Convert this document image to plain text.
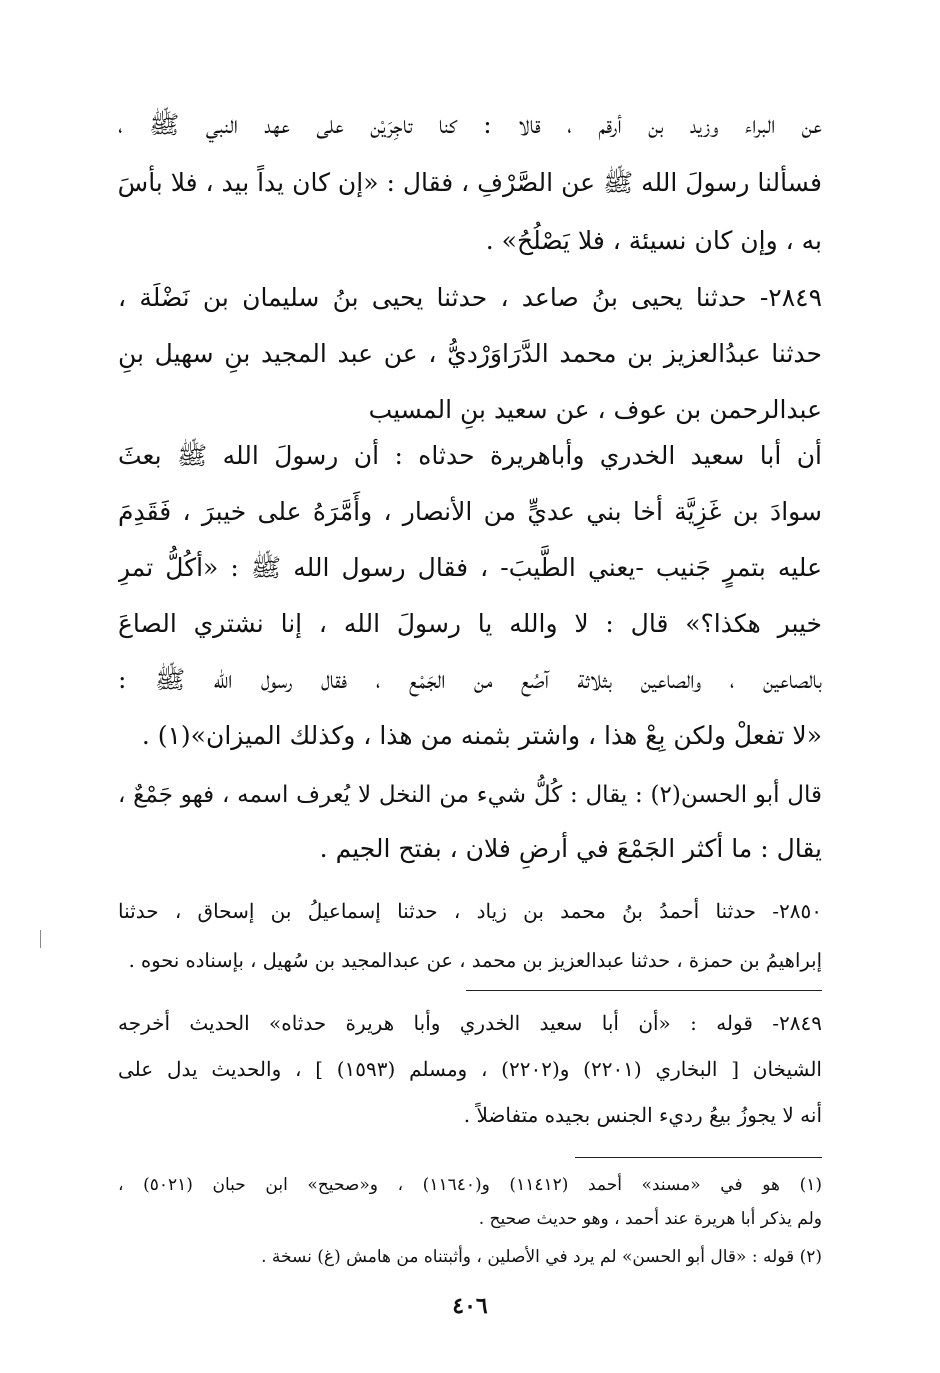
عن البراء وزيد بن أرقم ، قالا : كنا تاجِرَيْن على عهد النبي ﷺ ،
فسألنا رسولَ الله ﷺ عن الصَّرْفِ ، فقال : «إن كان يداً بيد ، فلا بأسَ
به ، وإن كان نسيئة ، فلا يَصْلُحُ» .
٢٨٤٩- حدثنا يحيى بنُ صاعد ، حدثنا يحيى بنُ سليمان بن نَضْلَة ،
حدثنا عبدُالعزيز بن محمد الدَّرَاوَرْديُّ ، عن عبد المجيد بنِ سهيل بنِ
عبدالرحمن بن عوف ، عن سعيد بنِ المسيب
أن أبا سعيد الخدري وأباهريرة حدثاه : أن رسولَ الله ﷺ بعثَ
سوادَ بن غَزِيَّة أخا بني عديٍّ من الأنصار ، وأَمَّرَهُ على خيبرَ ، فَقَدِمَ
عليه بتمرٍ جَنيب -يعني الطَّيبَ- ، فقال رسول الله ﷺ : «أكُلُّ تمرِ
خيبر هكذا؟» قال : لا والله يا رسولَ الله ، إنا نشتري الصاعَ
بالصاعين ، والصاعين بثلاثة آصُع من الجَمْع ، فقال رسول الله ﷺ :
«لا تفعلْ ولكن بِعْ هذا ، واشتر بثمنه من هذا ، وكذلك الميزان»(١) .
قال أبو الحسن(٢) : يقال : كُلُّ شيء من النخل لا يُعرف اسمه ، فهو جَمْعٌ ،
يقال : ما أكثر الجَمْعَ في أرضِ فلان ، بفتح الجيم .
٢٨٥٠- حدثنا أحمدُ بنُ محمد بن زياد ، حدثنا إسماعيلُ بن إسحاق ، حدثنا
إبراهيمُ بن حمزة ، حدثنا عبدالعزيز بن محمد ، عن عبدالمجيد بن سُهيل ، بإسناده نحوه .
٢٨٤٩- قوله : «أن أبا سعيد الخدري وأبا هريرة حدثاه» الحديث أخرجه
الشيخان [ البخاري (٢٢٠١) و(٢٢٠٢) ، ومسلم (١٥٩٣) ] ، والحديث يدل على
أنه لا يجوزُ بيعُ رديء الجنس بجيده متفاضلاً .
(١) هو في «مسند» أحمد (١١٤١٢) و(١١٦٤٠) ، و«صحيح» ابن حبان (٥٠٢١) ،
ولم يذكر أبا هريرة عند أحمد ، وهو حديث صحيح .
(٢) قوله : «قال أبو الحسن» لم يرد في الأصلين ، وأثبتناه من هامش (غ) نسخة .
٤٠٦
